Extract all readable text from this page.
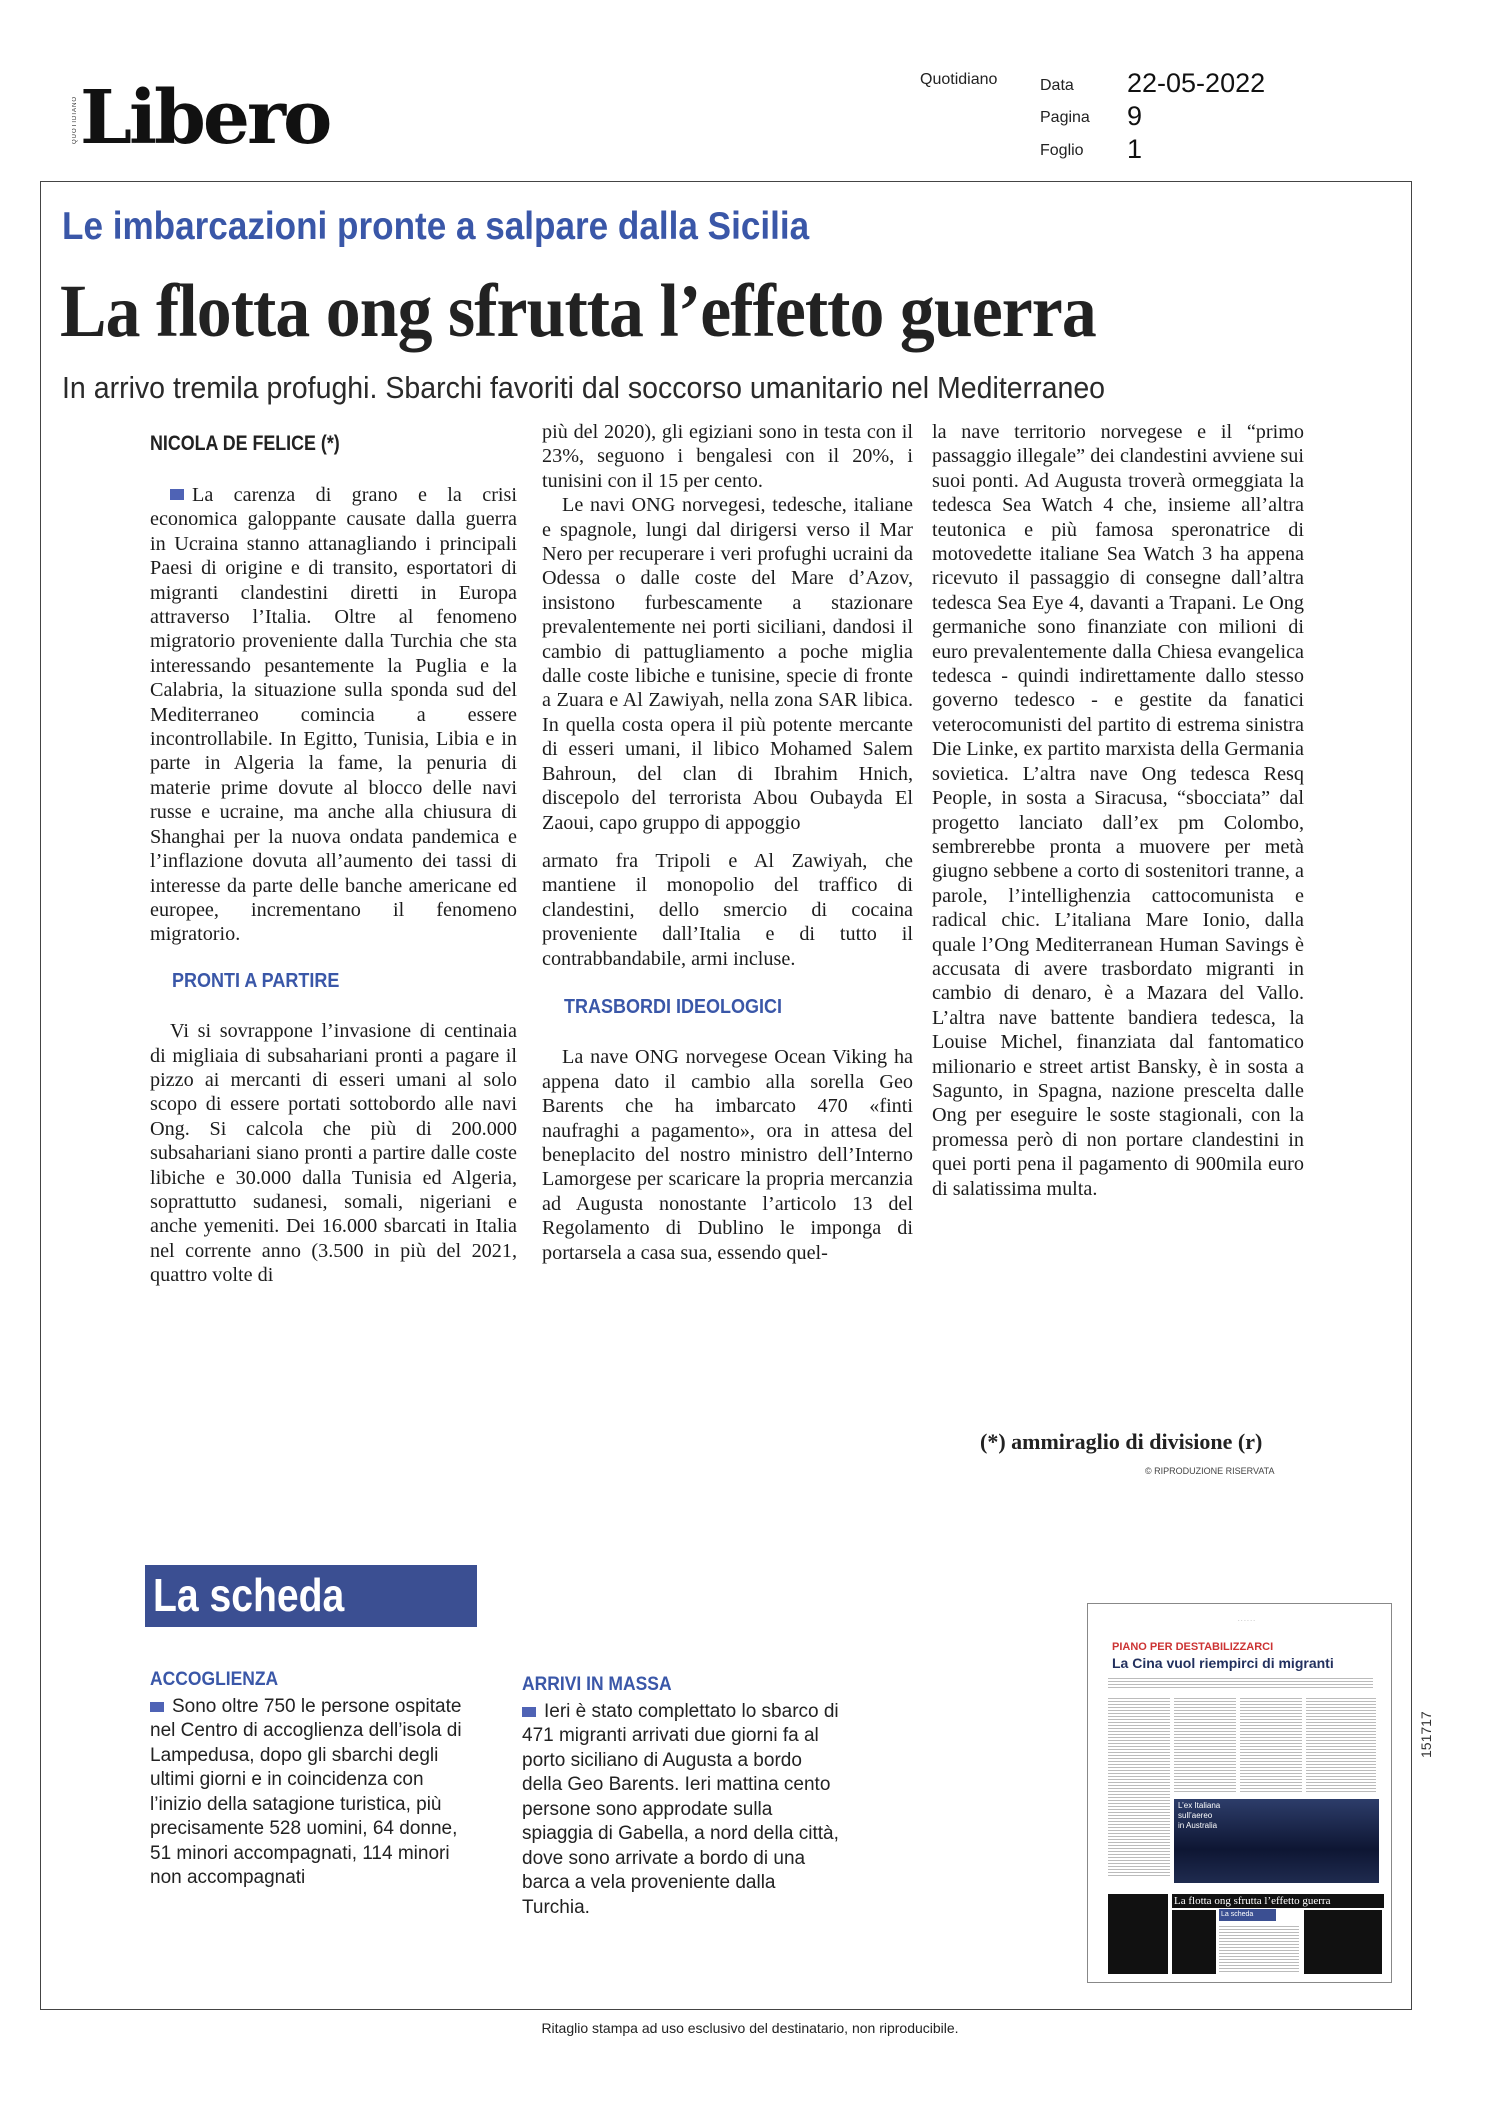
QUOTIDIANO Libero	Quotidiano	Data 22-05-2022
Pagina 9
Foglio 1
Le imbarcazioni pronte a salpare dalla Sicilia
La flotta ong sfrutta l’effetto guerra
In arrivo tremila profughi. Sbarchi favoriti dal soccorso umanitario nel Mediterraneo
NICOLA DE FELICE (*)

La carenza di grano e la crisi economica galoppante causate dalla guerra in Ucraina stanno attanagliando i principali Paesi di origine e di transito, esportatori di migranti clandestini diretti in Europa attraverso l’Italia. Oltre al fenomeno migratorio proveniente dalla Turchia che sta interessando pesantemente la Puglia e la Calabria, la situazione sulla sponda sud del Mediterraneo comincia a essere incontrollabile. In Egitto, Tunisia, Libia e in parte in Algeria la fame, la penuria di materie prime dovute al blocco delle navi russe e ucraine, ma anche alla chiusura di Shanghai per la nuova ondata pandemica e l’inflazione dovuta all’aumento dei tassi di interesse da parte delle banche americane ed europee, incrementano il fenomeno migratorio.

PRONTI A PARTIRE

Vi si sovrappone l’invasione di centinaia di migliaia di subsahariani pronti a pagare il pizzo ai mercanti di esseri umani al solo scopo di essere portati sottobordo alle navi Ong. Si calcola che più di 200.000 subsahariani siano pronti a partire dalle coste libiche e 30.000 dalla Tunisia ed Algeria, soprattutto sudanesi, somali, nigeriani e anche yemeniti. Dei 16.000 sbarcati in Italia nel corrente anno (3.500 in più del 2021, quattro volte di

più del 2020), gli egiziani sono in testa con il 23%, seguono i bengalesi con il 20%, i tunisini con il 15 per cento.

Le navi ONG norvegesi, tedesche, italiane e spagnole, lungi dal dirigersi verso il Mar Nero per recuperare i veri profughi ucraini da Odessa o dalle coste del Mare d’Azov, insistono furbescamente a stazionare prevalentemente nei porti siciliani, dandosi il cambio di pattugliamento a poche miglia dalle coste libiche e tunisine, specie di fronte a Zuara e Al Zawiyah, nella zona SAR libica. In quella costa opera il più potente mercante di esseri umani, il libico Mohamed Salem Bahroun, del clan di Ibrahim Hnich, discepolo del terrorista Abou Oubayda El Zaoui, capo gruppo di appoggio

armato fra Tripoli e Al Zawiyah, che mantiene il monopolio del traffico di clandestini, dello smercio di cocaina proveniente dall’Italia e di tutto il contrabbandabile, armi incluse.

TRASBORDI IDEOLOGICI

La nave ONG norvegese Ocean Viking ha appena dato il cambio alla sorella Geo Barents che ha imbarcato 470 «finti naufraghi a pagamento», ora in attesa del beneplacito del nostro ministro dell’Interno Lamorgese per scaricare la propria mercanzia ad Augusta nonostante l’articolo 13 del Regolamento di Dublino le imponga di portarsela a casa sua, essendo quel-

la nave territorio norvegese e il “primo passaggio illegale” dei clandestini avviene sui suoi ponti. Ad Augusta troverà ormeggiata la tedesca Sea Watch 4 che, insieme all’altra teutonica e più famosa speronatrice di motovedette italiane Sea Watch 3 ha appena ricevuto il passaggio di consegne dall’altra tedesca Sea Eye 4, davanti a Trapani. Le Ong germaniche sono finanziate con milioni di euro prevalentemente dalla Chiesa evangelica tedesca - quindi indirettamente dallo stesso governo tedesco - e gestite da fanatici veterocomunisti del partito di estrema sinistra Die Linke, ex partito marxista della Germania sovietica. L’altra nave Ong tedesca Resq People, in sosta a Siracusa, “sbocciata” dal progetto lanciato dall’ex pm Colombo, sembrerebbe pronta a muovere per metà giugno sebbene a corto di sostenitori tranne, a parole, l’intellighenzia cattocomunista e radical chic. L’italiana Mare Ionio, dalla quale l’Ong Mediterranean Human Savings è accusata di avere trasbordato migranti in cambio di denaro, è a Mazara del Vallo. L’altra nave battente bandiera tedesca, la Louise Michel, finanziata dal fantomatico milionario e street artist Bansky, è in sosta a Sagunto, in Spagna, nazione prescelta dalle Ong per eseguire le soste stagionali, con la promessa però di non portare clandestini in quei porti pena il pagamento di 900mila euro di salatissima multa.

(*) ammiraglio di divisione (r)
© RIPRODUZIONE RISERVATA
La scheda
ACCOGLIENZA
Sono oltre 750 le persone ospitate nel Centro di accoglienza dell’isola di Lampedusa, dopo gli sbarchi degli ultimi giorni e in coincidenza con l’inizio della satagione turistica, più precisamente 528 uomini, 64 donne, 51 minori accompagnati, 114 minori non accompagnati
ARRIVI IN MASSA
Ieri è stato complettato lo sbarco di 471 migranti arrivati due giorni fa al porto siciliano di Augusta a bordo della Geo Barents. Ieri mattina cento persone sono approdate sulla spiaggia di Gabella, a nord della città, dove sono arrivate a bordo di una barca a vela proveniente dalla Turchia.
· · · · · ·
PIANO PER DESTABILIZZARCI
La Cina vuol riempirci di migranti
L’ex Italiana
sull’aereo
in Australia
La flotta ong sfrutta l’effetto guerra
La scheda
151717
Ritaglio stampa ad uso esclusivo del destinatario, non riproducibile.
